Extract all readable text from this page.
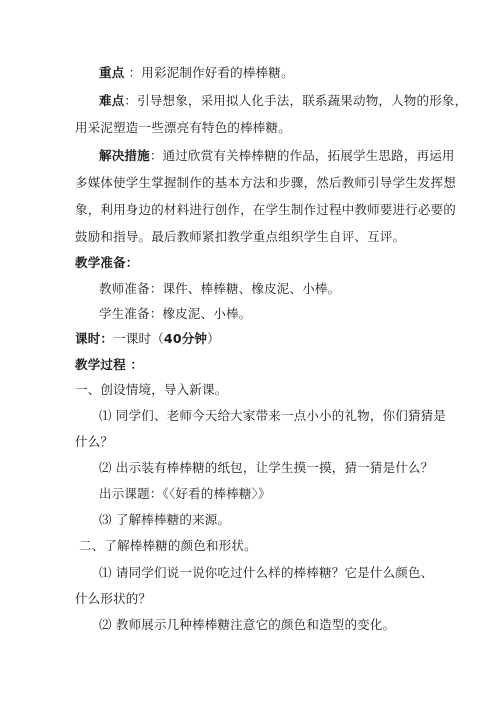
重点 ：用彩泥制作好看的棒棒糖。
难点：引导想象，采用拟人化手法，联系蔬果动物，人物的形象，
用采泥塑造一些漂亮有特色的棒棒糖。
解决措施：通过欣赏有关棒棒糖的作品，拓展学生思路，再运用
多媒体使学生掌握制作的基本方法和步骤，然后教师引导学生发挥想
象，利用身边的材料进行创作，在学生制作过程中教师要进行必要的
鼓励和指导。最后教师紧扣教学重点组织学生自评、互评。
教学准备：
教师准备：课件、棒棒糖、橡皮泥、小棒。
学生准备：橡皮泥、小棒。
课时：一课时（40分钟）
教学过程 ：
一、创设情境，导入新课。
⑴ 同学们、老师今天给大家带来一点小小的礼物，你们猜猜是
什么？
⑵ 出示装有棒棒糖的纸包，让学生摸一摸，猜一猜是什么？
出示课题：《〈好看的棒棒糖〉》
⑶ 了解棒棒糖的来源。
二、了解棒棒糖的颜色和形状。
⑴ 请同学们说一说你吃过什么样的棒棒糖？它是什么颜色、
什么形状的？
⑵ 教师展示几种棒棒糖注意它的颜色和造型的变化。
